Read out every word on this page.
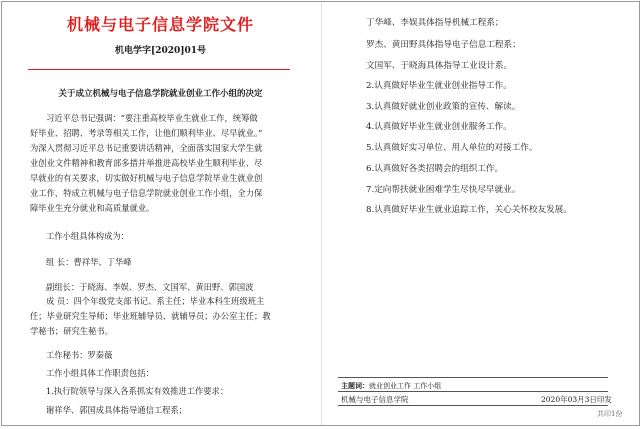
机械与电子信息学院文件
机电学字[2020]01号
关于成立机械与电子信息学院就业创业工作小组的决定
习近平总书记强调：“要注重高校毕业生就业工作，统筹做
好毕业、招聘、考录等相关工作，让他们顺利毕业、尽早就业。”
为深入贯彻习近平总书记重要讲话精神，全面落实国家大学生就
业创业文件精神和教育部多措并举推进高校毕业生顺利毕业、尽
早就业的有关要求，切实做好机械与电子信息学院毕业生就业创
业工作，特成立机械与电子信息学院就业创业工作小组，全力保
障毕业生充分就业和高质量就业。
工作小组具体构成为：
组 长：曹祥华、丁华峰
副组长：于晓海、李娱、罗杰、文国军、黄田野、郭国波
成 员：四个年级党支部书记、系主任；毕业本科生班级班主
任；毕业研究生导师；毕业班辅导员、就辅导员；办公室主任；教
学秘书；研究生秘书。
工作秘书：罗秦薇
工作小组具体工作职责包括：
1.执行院领导与深入各系抓实有效推进工作要求：
谢祥华、郭国成具体指导通信工程系；
丁华峰、李娱具体指导机械工程系；
罗杰、黄田野具体指导电子信息工程系；
文国军、于晓海具体指导工业设计系。
2.认真做好毕业生就业创业指导工作。
3.认真做好就业创业政策的宣传、解读。
4.认真做好毕业生就业创业服务工作。
5.认真做好实习单位、用人单位的对接工作。
6.认真做好各类招聘会的组织工作。
7.定向帮扶就业困难学生尽快尽早就业。
8.认真做好毕业生就业追踪工作，关心关怀校友发展。
主题词：就业创业工作 工作小组
机械与电子信息学院	2020年03月3日印发
共印1份
